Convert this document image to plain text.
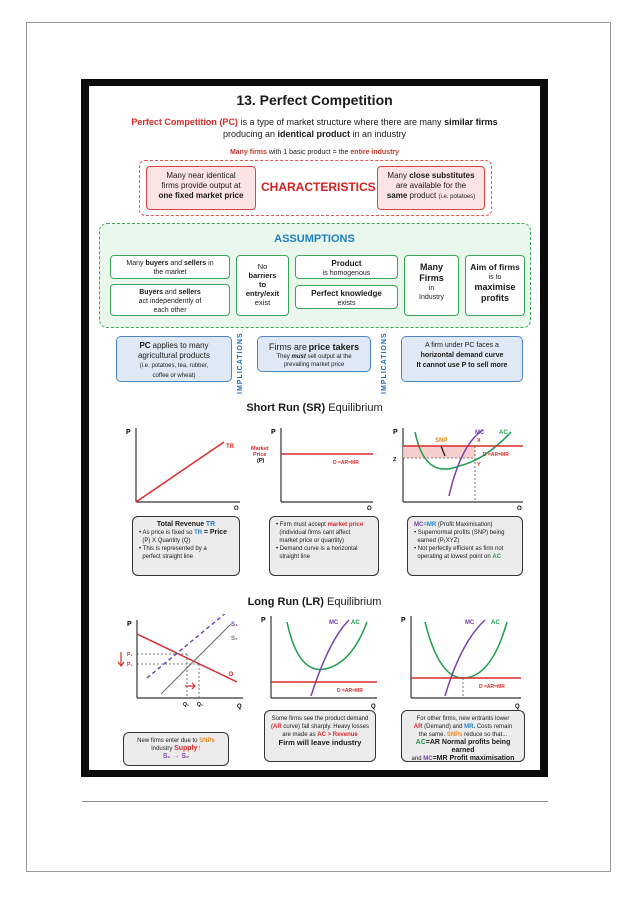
13. Perfect Competition
Perfect Competition (PC) is a type of market structure where there are many similar firms
producing an identical product in an industry
Many firms with 1 basic product = the entire industry
Many near identical
firms provide output at
one fixed market price
CHARACTERISTICS
Many close substitutes
are available for the
same product (i.e. potatoes)
ASSUMPTIONS
Many buyers and sellers in
the market
Buyers and sellers
act independently of
each other
No
barriers
to
entry/exit
exist
Product
is homogenous
Perfect knowledge
exists
Many
Firms
in
Industry
Aim of firms
is to
maximise
profits
PC applies to many
agricultural products
(i.e. potatoes, tea, rubber,
coffee or wheat)	IMPLICATIONS	Firms are price takers
They must sell output at the
prevailing market price	IMPLICATIONS	A firm under PC faces a
horizontal demand curve
It cannot use P to sell more
Short Run (SR) Equilibrium
P
Q
TR
P
Q
Market
Price
(P)	D =AR=MR
P
Q
SNP
MC AC
D =AR=MR
X
Y
Z
Total Revenue TR
• As price is fixed so TR = Price
(P) X Quantity (Q)
• This is represented by a
perfect straight line
• Firm must accept market price
(individual firms cant affect
market price or quantity)
• Demand curve is a horizontal
straight line
MC=MR (Profit Maximisation)
• Supernormal profits (SNP) being
earned (P₁XYZ)
• Not perfectly efficient as firm not
operating at lowest point on AC
Long Run (LR) Equilibrium
P
Q
D
S₁
S₂
P₁
P₂
Q₁ Q₂
P
Q
MC AC
D =AR=MR
P
Q
MC	AC
D =AR=MR
New firms enter due to SNPs
Industry Supply↑
S₁ → S₂
Some firms see the product demand
(AR curve) fall sharply. Heavy losses
are made as AC > Revenue
Firm will leave industry
For other firms, new entrants lower
AR (Demand) and MR. Costs remain
the same. SNPs reduce so that...
AC=AR Normal profits being earned
and MC=MR Profit maximisation
